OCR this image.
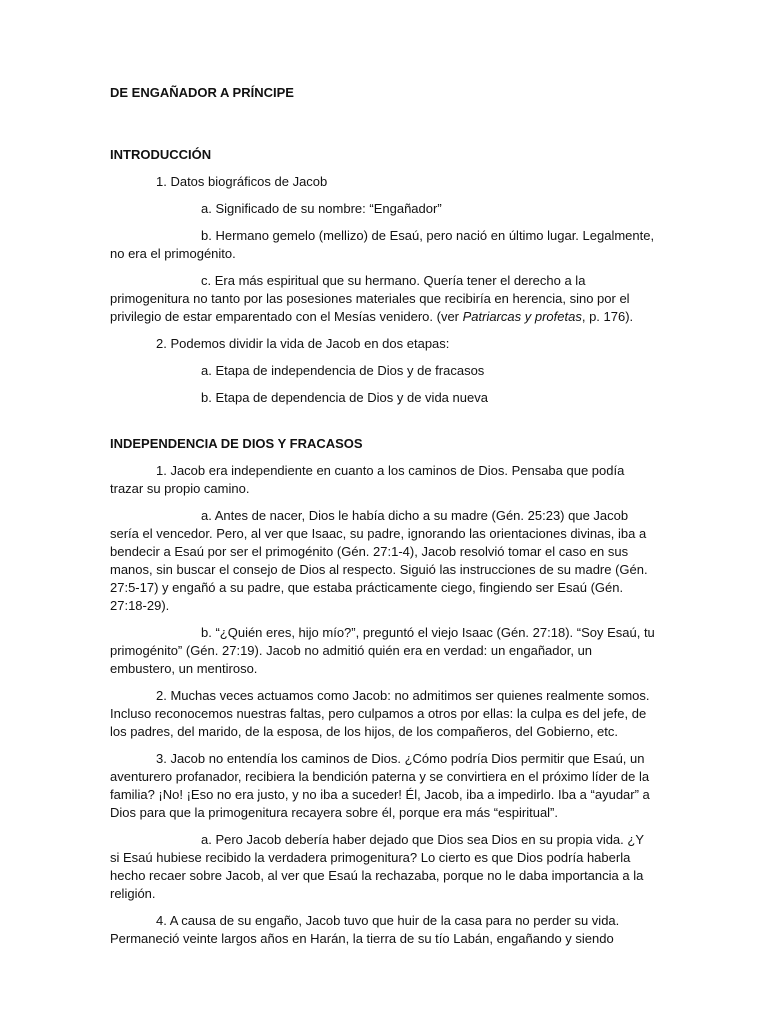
DE ENGAÑADOR A PRÍNCIPE

INTRODUCCIÓN

1. Datos biográficos de Jacob

a. Significado de su nombre: “Engañador”

b. Hermano gemelo (mellizo) de Esaú, pero nació en último lugar. Legalmente, no era el primogénito.

c. Era más espiritual que su hermano. Quería tener el derecho a la primogenitura no tanto por las posesiones materiales que recibiría en herencia, sino por el privilegio de estar emparentado con el Mesías venidero. (ver Patriarcas y profetas, p. 176).

2. Podemos dividir la vida de Jacob en dos etapas:

a. Etapa de independencia de Dios y de fracasos

b. Etapa de dependencia de Dios y de vida nueva

INDEPENDENCIA DE DIOS Y FRACASOS

1. Jacob era independiente en cuanto a los caminos de Dios. Pensaba que podía trazar su propio camino.

a. Antes de nacer, Dios le había dicho a su madre (Gén. 25:23) que Jacob sería el vencedor. Pero, al ver que Isaac, su padre, ignorando las orientaciones divinas, iba a bendecir a Esaú por ser el primogénito (Gén. 27:1-4), Jacob resolvió tomar el caso en sus manos, sin buscar el consejo de Dios al respecto. Siguió las instrucciones de su madre (Gén. 27:5-17) y engañó a su padre, que estaba prácticamente ciego, fingiendo ser Esaú (Gén. 27:18-29).

b. “¿Quién eres, hijo mío?”, preguntó el viejo Isaac (Gén. 27:18). “Soy Esaú, tu primogénito” (Gén. 27:19). Jacob no admitió quién era en verdad: un engañador, un embustero, un mentiroso.

2. Muchas veces actuamos como Jacob: no admitimos ser quienes realmente somos. Incluso reconocemos nuestras faltas, pero culpamos a otros por ellas: la culpa es del jefe, de los padres, del marido, de la esposa, de los hijos, de los compañeros, del Gobierno, etc.

3. Jacob no entendía los caminos de Dios. ¿Cómo podría Dios permitir que Esaú, un aventurero profanador, recibiera la bendición paterna y se convirtiera en el próximo líder de la familia? ¡No! ¡Eso no era justo, y no iba a suceder! Él, Jacob, iba a impedirlo. Iba a “ayudar” a Dios para que la primogenitura recayera sobre él, porque era más “espiritual”.

a. Pero Jacob debería haber dejado que Dios sea Dios en su propia vida. ¿Y si Esaú hubiese recibido la verdadera primogenitura? Lo cierto es que Dios podría haberla hecho recaer sobre Jacob, al ver que Esaú la rechazaba, porque no le daba importancia a la religión.

4. A causa de su engaño, Jacob tuvo que huir de la casa para no perder su vida. Permaneció veinte largos años en Harán, la tierra de su tío Labán, engañando y siendo
